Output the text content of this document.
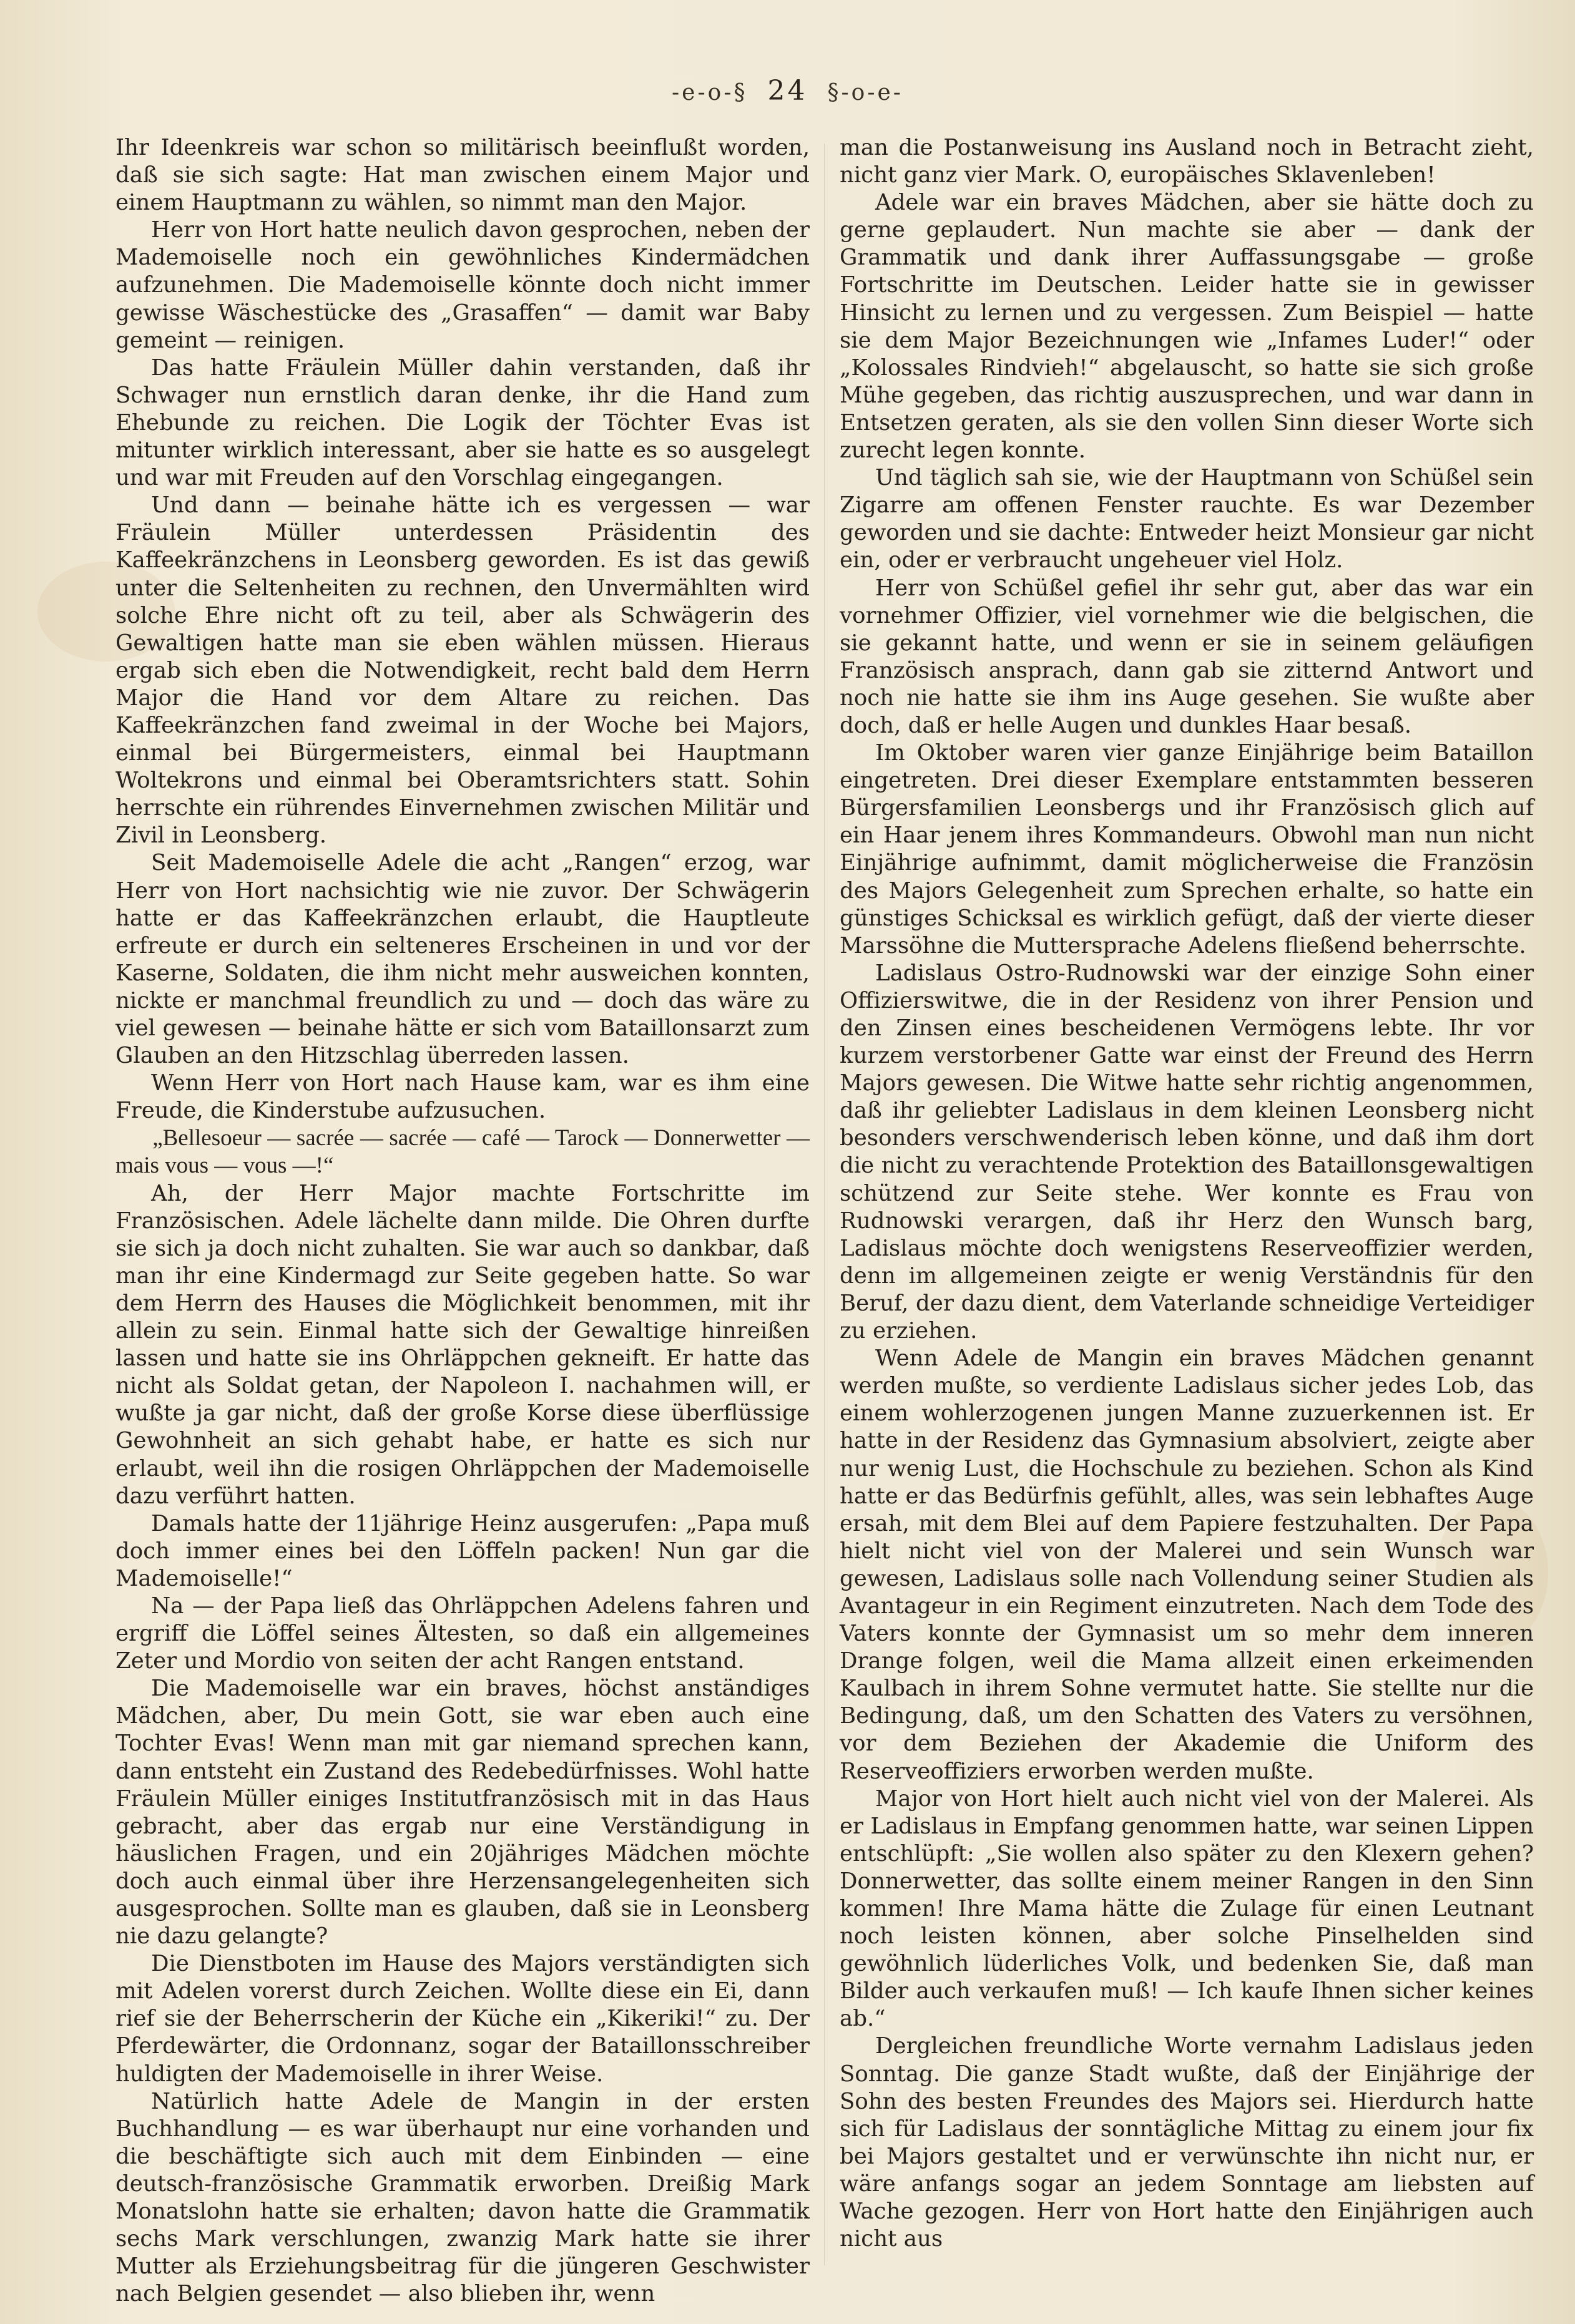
-e-o-§ 24 §-o-e-

Ihr Ideenkreis war schon so militärisch beeinflußt worden, daß sie sich sagte: Hat man zwischen einem Major und einem Hauptmann zu wählen, so nimmt man den Major.

Herr von Hort hatte neulich davon gesprochen, neben der Mademoiselle noch ein gewöhnliches Kindermädchen aufzunehmen. Die Mademoiselle könnte doch nicht immer gewisse Wäschestücke des „Grasaffen“ — damit war Baby gemeint — reinigen.

Das hatte Fräulein Müller dahin verstanden, daß ihr Schwager nun ernstlich daran denke, ihr die Hand zum Ehebunde zu reichen. Die Logik der Töchter Evas ist mitunter wirklich interessant, aber sie hatte es so ausgelegt und war mit Freuden auf den Vorschlag eingegangen.

Und dann — beinahe hätte ich es vergessen — war Fräulein Müller unterdessen Präsidentin des Kaffeekränzchens in Leonsberg geworden. Es ist das gewiß unter die Seltenheiten zu rechnen, den Unvermählten wird solche Ehre nicht oft zu teil, aber als Schwägerin des Gewaltigen hatte man sie eben wählen müssen. Hieraus ergab sich eben die Notwendigkeit, recht bald dem Herrn Major die Hand vor dem Altare zu reichen. Das Kaffeekränzchen fand zweimal in der Woche bei Majors, einmal bei Bürgermeisters, einmal bei Hauptmann Woltekrons und einmal bei Oberamtsrichters statt. Sohin herrschte ein rührendes Einvernehmen zwischen Militär und Zivil in Leonsberg.

Seit Mademoiselle Adele die acht „Rangen“ erzog, war Herr von Hort nachsichtig wie nie zuvor. Der Schwägerin hatte er das Kaffeekränzchen erlaubt, die Hauptleute erfreute er durch ein selteneres Erscheinen in und vor der Kaserne, Soldaten, die ihm nicht mehr ausweichen konnten, nickte er manchmal freundlich zu und — doch das wäre zu viel gewesen — beinahe hätte er sich vom Bataillonsarzt zum Glauben an den Hitzschlag überreden lassen.

Wenn Herr von Hort nach Hause kam, war es ihm eine Freude, die Kinderstube aufzusuchen.

„Bellesoeur — sacrée — sacrée — café — Tarock — Donnerwetter — mais vous — vous —!“

Ah, der Herr Major machte Fortschritte im Französischen. Adele lächelte dann milde. Die Ohren durfte sie sich ja doch nicht zuhalten. Sie war auch so dankbar, daß man ihr eine Kindermagd zur Seite gegeben hatte. So war dem Herrn des Hauses die Möglichkeit benommen, mit ihr allein zu sein. Einmal hatte sich der Gewaltige hinreißen lassen und hatte sie ins Ohrläppchen gekneift. Er hatte das nicht als Soldat getan, der Napoleon I. nachahmen will, er wußte ja gar nicht, daß der große Korse diese überflüssige Gewohnheit an sich gehabt habe, er hatte es sich nur erlaubt, weil ihn die rosigen Ohrläppchen der Mademoiselle dazu verführt hatten.

Damals hatte der 11jährige Heinz ausgerufen: „Papa muß doch immer eines bei den Löffeln packen! Nun gar die Mademoiselle!“

Na — der Papa ließ das Ohrläppchen Adelens fahren und ergriff die Löffel seines Ältesten, so daß ein allgemeines Zeter und Mordio von seiten der acht Rangen entstand.

Die Mademoiselle war ein braves, höchst anständiges Mädchen, aber, Du mein Gott, sie war eben auch eine Tochter Evas! Wenn man mit gar niemand sprechen kann, dann entsteht ein Zustand des Redebedürfnisses. Wohl hatte Fräulein Müller einiges Institutfranzösisch mit in das Haus gebracht, aber das ergab nur eine Verständigung in häuslichen Fragen, und ein 20jähriges Mädchen möchte doch auch einmal über ihre Herzensangelegenheiten sich ausgesprochen. Sollte man es glauben, daß sie in Leonsberg nie dazu gelangte?

Die Dienstboten im Hause des Majors verständigten sich mit Adelen vorerst durch Zeichen. Wollte diese ein Ei, dann rief sie der Beherrscherin der Küche ein „Kikeriki!“ zu. Der Pferdewärter, die Ordonnanz, sogar der Bataillonsschreiber huldigten der Mademoiselle in ihrer Weise.

Natürlich hatte Adele de Mangin in der ersten Buchhandlung — es war überhaupt nur eine vorhanden und die beschäftigte sich auch mit dem Einbinden — eine deutsch-französische Grammatik erworben. Dreißig Mark Monatslohn hatte sie erhalten; davon hatte die Grammatik sechs Mark verschlungen, zwanzig Mark hatte sie ihrer Mutter als Erziehungsbeitrag für die jüngeren Geschwister nach Belgien gesendet — also blieben ihr, wenn

man die Postanweisung ins Ausland noch in Betracht zieht, nicht ganz vier Mark. O, europäisches Sklavenleben!

Adele war ein braves Mädchen, aber sie hätte doch zu gerne geplaudert. Nun machte sie aber — dank der Grammatik und dank ihrer Auffassungsgabe — große Fortschritte im Deutschen. Leider hatte sie in gewisser Hinsicht zu lernen und zu vergessen. Zum Beispiel — hatte sie dem Major Bezeichnungen wie „Infames Luder!“ oder „Kolossales Rindvieh!“ abgelauscht, so hatte sie sich große Mühe gegeben, das richtig auszusprechen, und war dann in Entsetzen geraten, als sie den vollen Sinn dieser Worte sich zurecht legen konnte.

Und täglich sah sie, wie der Hauptmann von Schüßel sein Zigarre am offenen Fenster rauchte. Es war Dezember geworden und sie dachte: Entweder heizt Monsieur gar nicht ein, oder er verbraucht ungeheuer viel Holz.

Herr von Schüßel gefiel ihr sehr gut, aber das war ein vornehmer Offizier, viel vornehmer wie die belgischen, die sie gekannt hatte, und wenn er sie in seinem geläufigen Französisch ansprach, dann gab sie zitternd Antwort und noch nie hatte sie ihm ins Auge gesehen. Sie wußte aber doch, daß er helle Augen und dunkles Haar besaß.

Im Oktober waren vier ganze Einjährige beim Bataillon eingetreten. Drei dieser Exemplare entstammten besseren Bürgersfamilien Leonsbergs und ihr Französisch glich auf ein Haar jenem ihres Kommandeurs. Obwohl man nun nicht Einjährige aufnimmt, damit möglicherweise die Französin des Majors Gelegenheit zum Sprechen erhalte, so hatte ein günstiges Schicksal es wirklich gefügt, daß der vierte dieser Marssöhne die Muttersprache Adelens fließend beherrschte.

Ladislaus Ostro-Rudnowski war der einzige Sohn einer Offizierswitwe, die in der Residenz von ihrer Pension und den Zinsen eines bescheidenen Vermögens lebte. Ihr vor kurzem verstorbener Gatte war einst der Freund des Herrn Majors gewesen. Die Witwe hatte sehr richtig angenommen, daß ihr geliebter Ladislaus in dem kleinen Leonsberg nicht besonders verschwenderisch leben könne, und daß ihm dort die nicht zu verachtende Protektion des Bataillonsgewaltigen schützend zur Seite stehe. Wer konnte es Frau von Rudnowski verargen, daß ihr Herz den Wunsch barg, Ladislaus möchte doch wenigstens Reserveoffizier werden, denn im allgemeinen zeigte er wenig Verständnis für den Beruf, der dazu dient, dem Vaterlande schneidige Verteidiger zu erziehen.

Wenn Adele de Mangin ein braves Mädchen genannt werden mußte, so verdiente Ladislaus sicher jedes Lob, das einem wohlerzogenen jungen Manne zuzuerkennen ist. Er hatte in der Residenz das Gymnasium absolviert, zeigte aber nur wenig Lust, die Hochschule zu beziehen. Schon als Kind hatte er das Bedürfnis gefühlt, alles, was sein lebhaftes Auge ersah, mit dem Blei auf dem Papiere festzuhalten. Der Papa hielt nicht viel von der Malerei und sein Wunsch war gewesen, Ladislaus solle nach Vollendung seiner Studien als Avantageur in ein Regiment einzutreten. Nach dem Tode des Vaters konnte der Gymnasist um so mehr dem inneren Drange folgen, weil die Mama allzeit einen erkeimenden Kaulbach in ihrem Sohne vermutet hatte. Sie stellte nur die Bedingung, daß, um den Schatten des Vaters zu versöhnen, vor dem Beziehen der Akademie die Uniform des Reserveoffiziers erworben werden mußte.

Major von Hort hielt auch nicht viel von der Malerei. Als er Ladislaus in Empfang genommen hatte, war seinen Lippen entschlüpft: „Sie wollen also später zu den Klexern gehen? Donnerwetter, das sollte einem meiner Rangen in den Sinn kommen! Ihre Mama hätte die Zulage für einen Leutnant noch leisten können, aber solche Pinselhelden sind gewöhnlich lüderliches Volk, und bedenken Sie, daß man Bilder auch verkaufen muß! — Ich kaufe Ihnen sicher keines ab.“

Dergleichen freundliche Worte vernahm Ladislaus jeden Sonntag. Die ganze Stadt wußte, daß der Einjährige der Sohn des besten Freundes des Majors sei. Hierdurch hatte sich für Ladislaus der sonntägliche Mittag zu einem jour fix bei Majors gestaltet und er verwünschte ihn nicht nur, er wäre anfangs sogar an jedem Sonntage am liebsten auf Wache gezogen. Herr von Hort hatte den Einjährigen auch nicht aus
